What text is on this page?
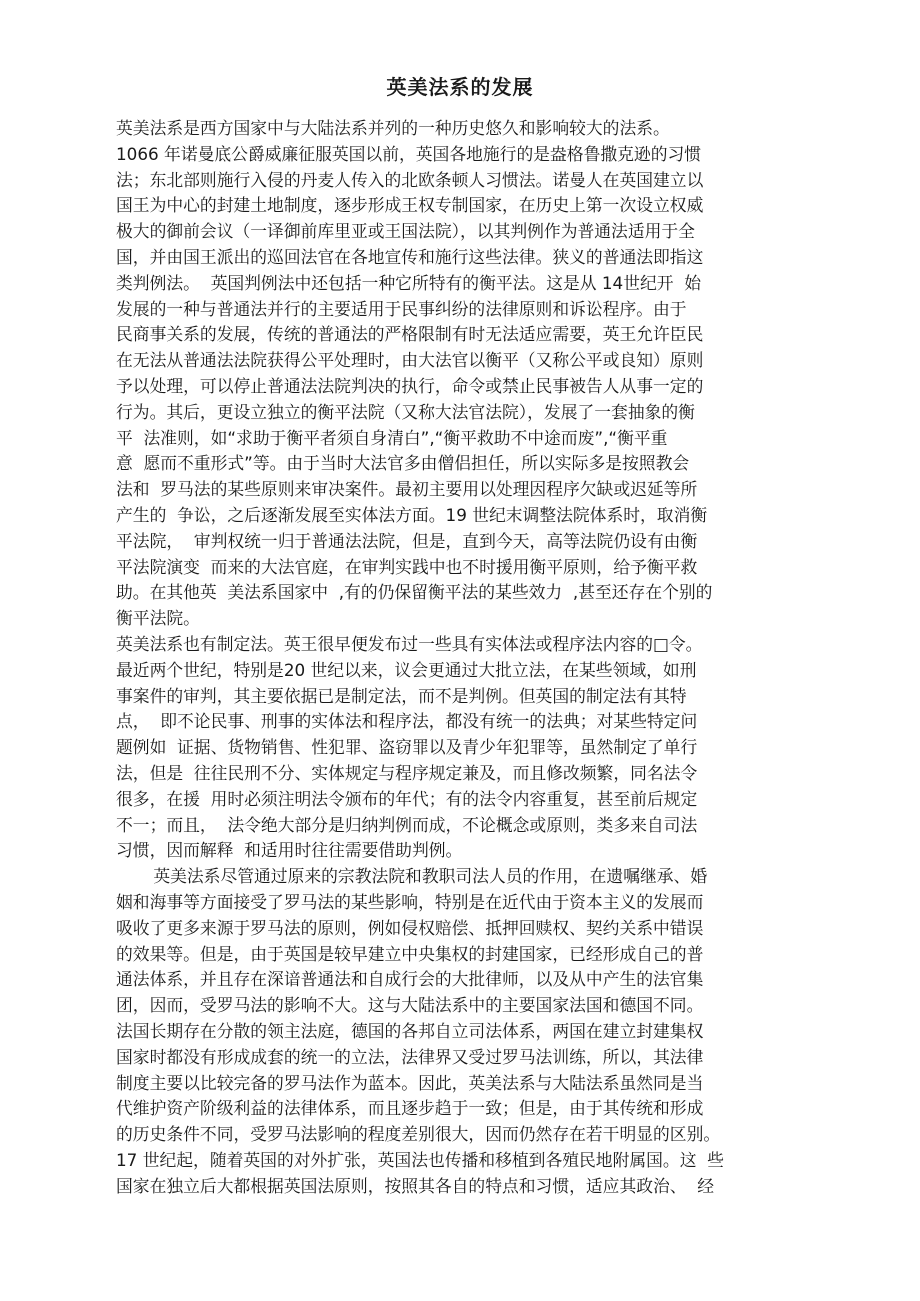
英美法系的发展
英美法系是西方国家中与大陆法系并列的一种历史悠久和影响较大的法系。
1066 年诺曼底公爵威廉征服英国以前，英国各地施行的是盎格鲁撒克逊的习惯
法；东北部则施行入侵的丹麦人传入的北欧条顿人习惯法。诺曼人在英国建立以
国王为中心的封建土地制度，逐步形成王权专制国家，在历史上第一次设立权威
极大的御前会议（一译御前库里亚或王国法院），以其判例作为普通法适用于全
国，并由国王派出的巡回法官在各地宣传和施行这些法律。狭义的普通法即指这
类判例法。  英国判例法中还包括一种它所特有的衡平法。这是从 14世纪开  始
发展的一种与普通法并行的主要适用于民事纠纷的法律原则和诉讼程序。由于
民商事关系的发展，传统的普通法的严格限制有时无法适应需要，英王允许臣民
在无法从普通法法院获得公平处理时，由大法官以衡平（又称公平或良知）原则
予以处理，可以停止普通法法院判决的执行，命令或禁止民事被告人从事一定的
行为。其后，更设立独立的衡平法院（又称大法官法院），发展了一套抽象的衡
平  法准则，如“求助于衡平者须自身清白”,“衡平救助不中途而废”,“衡平重
意  愿而不重形式”等。由于当时大法官多由僧侣担任，所以实际多是按照教会
法和  罗马法的某些原则来审决案件。最初主要用以处理因程序欠缺或迟延等所
产生的  争讼，之后逐渐发展至实体法方面。19 世纪末调整法院体系时，取消衡
平法院，  审判权统一归于普通法法院，但是，直到今天，高等法院仍设有由衡
平法院演变  而来的大法官庭，在审判实践中也不时援用衡平原则，给予衡平救
助。在其他英  美法系国家中  ,有的仍保留衡平法的某些效力  ,甚至还存在个别的
衡平法院。
英美法系也有制定法。英王很早便发布过一些具有实体法或程序法内容的□令。
最近两个世纪，特别是20 世纪以来，议会更通过大批立法，在某些领域，如刑
事案件的审判，其主要依据已是制定法，而不是判例。但英国的制定法有其特
点，  即不论民事、刑事的实体法和程序法，都没有统一的法典；对某些特定问
题例如  证据、货物销售、性犯罪、盗窃罪以及青少年犯罪等，虽然制定了单行
法，但是  往往民刑不分、实体规定与程序规定兼及，而且修改频繁，同名法令
很多，在援  用时必须注明法令颁布的年代；有的法令内容重复，甚至前后规定
不一；而且，  法令绝大部分是归纳判例而成，不论概念或原则，类多来自司法
习惯，因而解释  和适用时往往需要借助判例。
英美法系尽管通过原来的宗教法院和教职司法人员的作用，在遗嘱继承、婚
姻和海事等方面接受了罗马法的某些影响，特别是在近代由于资本主义的发展而
吸收了更多来源于罗马法的原则，例如侵权赔偿、抵押回赎权、契约关系中错误
的效果等。但是，由于英国是较早建立中央集权的封建国家，已经形成自己的普
通法体系，并且存在深谙普通法和自成行会的大批律师，以及从中产生的法官集
团，因而，受罗马法的影响不大。这与大陆法系中的主要国家法国和德国不同。
法国长期存在分散的领主法庭，德国的各邦自立司法体系，两国在建立封建集权
国家时都没有形成成套的统一的立法，法律界又受过罗马法训练，所以，其法律
制度主要以比较完备的罗马法作为蓝本。因此，英美法系与大陆法系虽然同是当
代维护资产阶级利益的法律体系，而且逐步趋于一致；但是，由于其传统和形成
的历史条件不同，受罗马法影响的程度差别很大，因而仍然存在若干明显的区别。
17 世纪起，随着英国的对外扩张，英国法也传播和移植到各殖民地附属国。这  些
国家在独立后大都根据英国法原则，按照其各自的特点和习惯，适应其政治、  经
